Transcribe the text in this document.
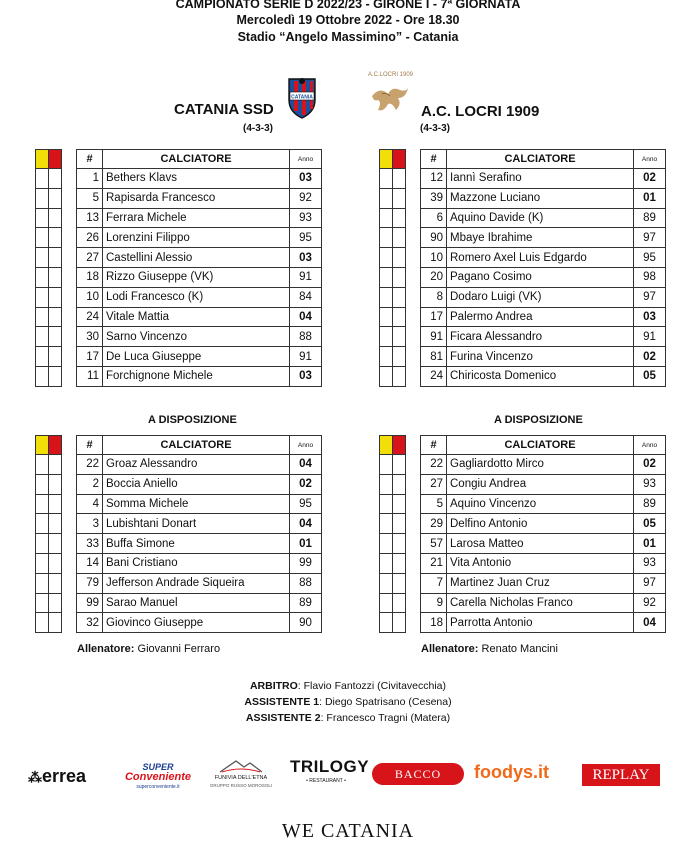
CAMPIONATO SERIE D 2022/23 - GIRONE I - 7ª GIORNATA
Mercoledì 19 Ottobre 2022 - Ore 18.30
Stadio “Angelo Massimino” - Catania
CATANIA
A.C.LOCRI 1909
CATANIA SSD
(4-3-3)
A.C. LOCRI 1909
(4-3-3)

#	CALCIATORE	Anno
1	Bethers Klavs	03
5	Rapisarda Francesco	92
13	Ferrara Michele	93
26	Lorenzini Filippo	95
27	Castellini Alessio	03
18	Rizzo Giuseppe (VK)	91
10	Lodi Francesco (K)	84
24	Vitale Mattia	04
30	Sarno Vincenzo	88
17	De Luca Giuseppe	91
11	Forchignone Michele	03
#	CALCIATORE	Anno
12	Iannì Serafino	02
39	Mazzone Luciano	01
6	Aquino Davide (K)	89
90	Mbaye Ibrahime	97
10	Romero Axel Luis Edgardo	95
20	Pagano Cosimo	98
8	Dodaro Luigi (VK)	97
17	Palermo Andrea	03
91	Ficara Alessandro	91
81	Furina Vincenzo	02
24	Chiricosta Domenico	05
A DISPOSIZIONE	A DISPOSIZIONE
#	CALCIATORE	Anno
22	Groaz Alessandro	04
2	Boccia Aniello	02
4	Somma Michele	95
3	Lubishtani Donart	04
33	Buffa Simone	01
14	Bani Cristiano	99
79	Jefferson Andrade Siqueira	88
99	Sarao Manuel	89
32	Giovinco Giuseppe	90
#	CALCIATORE	Anno
22	Gagliardotto Mirco	02
27	Congiu Andrea	93
5	Aquino Vincenzo	89
29	Delfino Antonio	05
57	Larosa Matteo	01
21	Vita Antonio	93
7	Martinez Juan Cruz	97
9	Carella Nicholas Franco	92
18	Parrotta Antonio	04
Allenatore: Giovanni Ferraro	Allenatore: Renato Mancini
ARBITRO: Flavio Fantozzi (Civitavecchia)
ASSISTENTE 1: Diego Spatrisano (Cesena)
ASSISTENTE 2: Francesco Tragni (Matera)
⁂errea	SUPER
Conveniente
superconveniente.it
FUNIVIA DELL'ETNA
GRUPPO RUSSO MOROSOLI
TRILOGY
• RESTAURANT •	BACCO	foodys.it	REPLAY
WE CATANIA
